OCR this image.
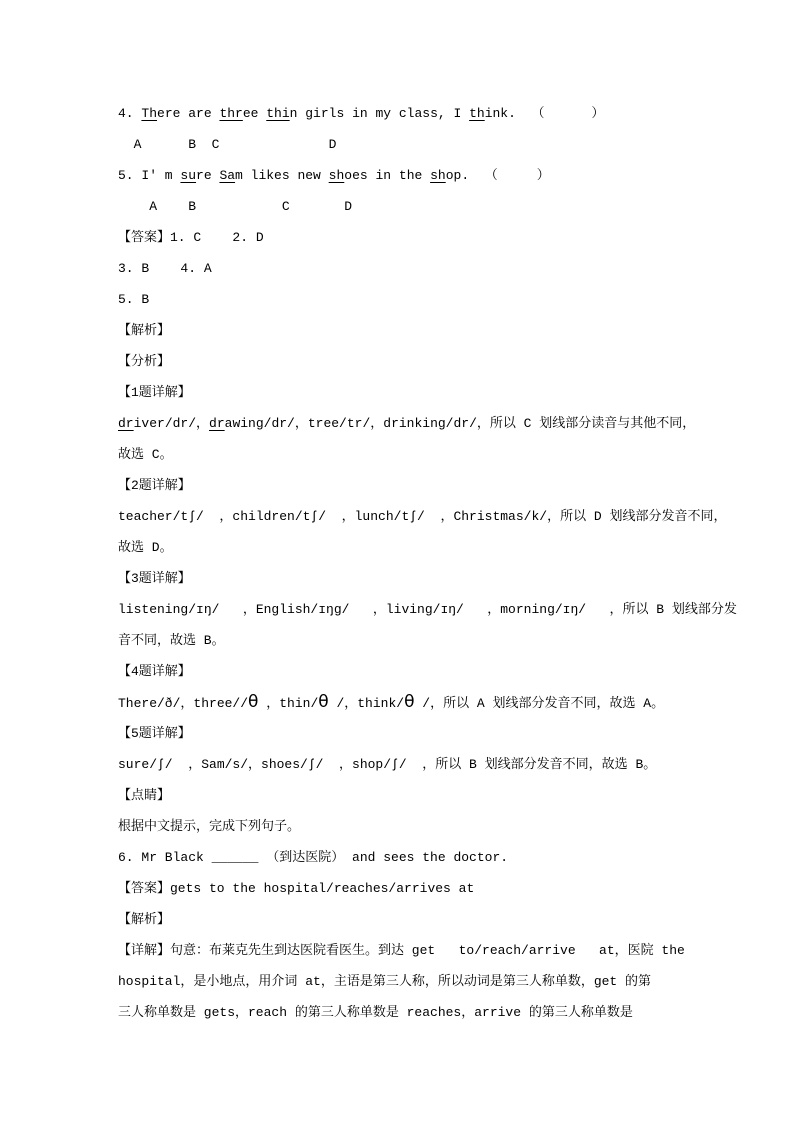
4. There are three thin girls in my class, I think.  （      ）
A      B  C              D
5. I' m sure Sam likes new shoes in the shop.  （     ）
A    B           C       D
【答案】1. C    2. D
3. B    4. A
5. B
【解析】
【分析】
【1题详解】
driver/dr/，drawing/dr/，tree/tr/，drinking/dr/，所以 C 划线部分读音与其他不同，
故选 C。
【2题详解】
teacher/tʃ/  ，children/tʃ/  ，lunch/tʃ/  ，Christmas/k/，所以 D 划线部分发音不同，
故选 D。
【3题详解】
listening/ɪŋ/   ，English/ɪŋg/   ，living/ɪŋ/   ，morning/ɪŋ/   ，所以 B 划线部分发
音不同，故选 B。
【4题详解】
There/ð/，three//θ ，thin/θ /，think/θ /，所以 A 划线部分发音不同，故选 A。
【5题详解】
sure/ʃ/  ，Sam/s/，shoes/ʃ/  ，shop/ʃ/  ，所以 B 划线部分发音不同，故选 B。
【点睛】
根据中文提示，完成下列句子。
6. Mr Black ______ （到达医院） and sees the doctor.
【答案】gets to the hospital/reaches/arrives at
【解析】
【详解】句意：布莱克先生到达医院看医生。到达 get   to/reach/arrive   at，医院 the
hospital，是小地点，用介词 at，主语是第三人称，所以动词是第三人称单数，get 的第
三人称单数是 gets，reach 的第三人称单数是 reaches，arrive 的第三人称单数是
